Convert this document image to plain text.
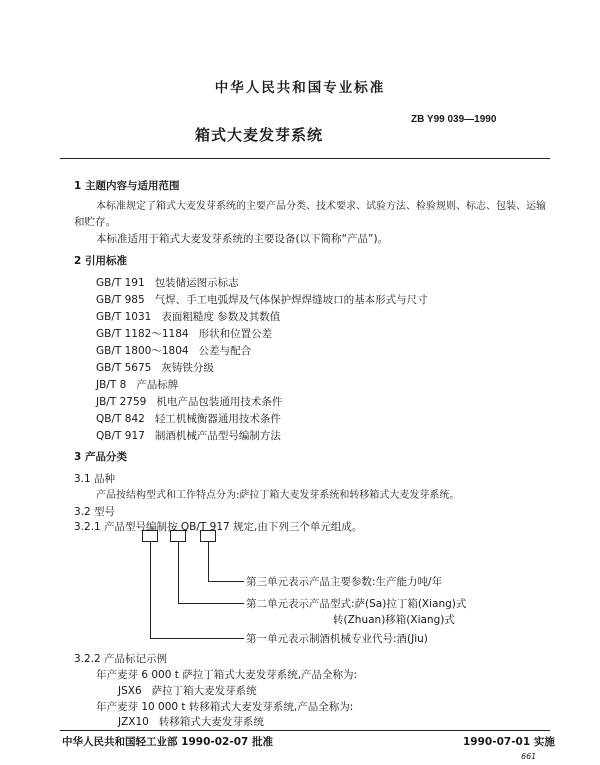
中华人民共和国专业标准
ZB Y99 039—1990
箱式大麦发芽系统
1 主题内容与适用范围
本标准规定了箱式大麦发芽系统的主要产品分类、技术要求、试验方法、检验规则、标志、包装、运输
和贮存。
本标准适用于箱式大麦发芽系统的主要设备(以下简称“产品”)。
2 引用标准
GB/T 191 包装储运图示标志
GB/T 985 气焊、手工电弧焊及气体保护焊焊缝坡口的基本形式与尺寸
GB/T 1031 表面粗糙度 参数及其数值
GB/T 1182～1184 形状和位置公差
GB/T 1800～1804 公差与配合
GB/T 5675 灰铸铁分级
JB/T 8 产品标牌
JB/T 2759 机电产品包装通用技术条件
QB/T 842 轻工机械衡器通用技术条件
QB/T 917 制酒机械产品型号编制方法
3 产品分类
3.1 品种
产品按结构型式和工作特点分为:萨拉丁箱大麦发芽系统和转移箱式大麦发芽系统。
3.2 型号
3.2.1 产品型号编制按 QB/T 917 规定,由下列三个单元组成。
第三单元表示产品主要参数:生产能力吨/年
第二单元表示产品型式:萨(Sa)拉丁箱(Xiang)式
转(Zhuan)移箱(Xiang)式
第一单元表示制酒机械专业代号:酒(Jiu)
3.2.2 产品标记示例
年产麦芽 6 000 t 萨拉丁箱式大麦发芽系统,产品全称为:
JSX6 萨拉丁箱大麦发芽系统
年产麦芽 10 000 t 转移箱式大麦发芽系统,产品全称为:
JZX10 转移箱式大麦发芽系统
中华人民共和国轻工业部 1990-02-07 批准	1990-07-01 实施
661
